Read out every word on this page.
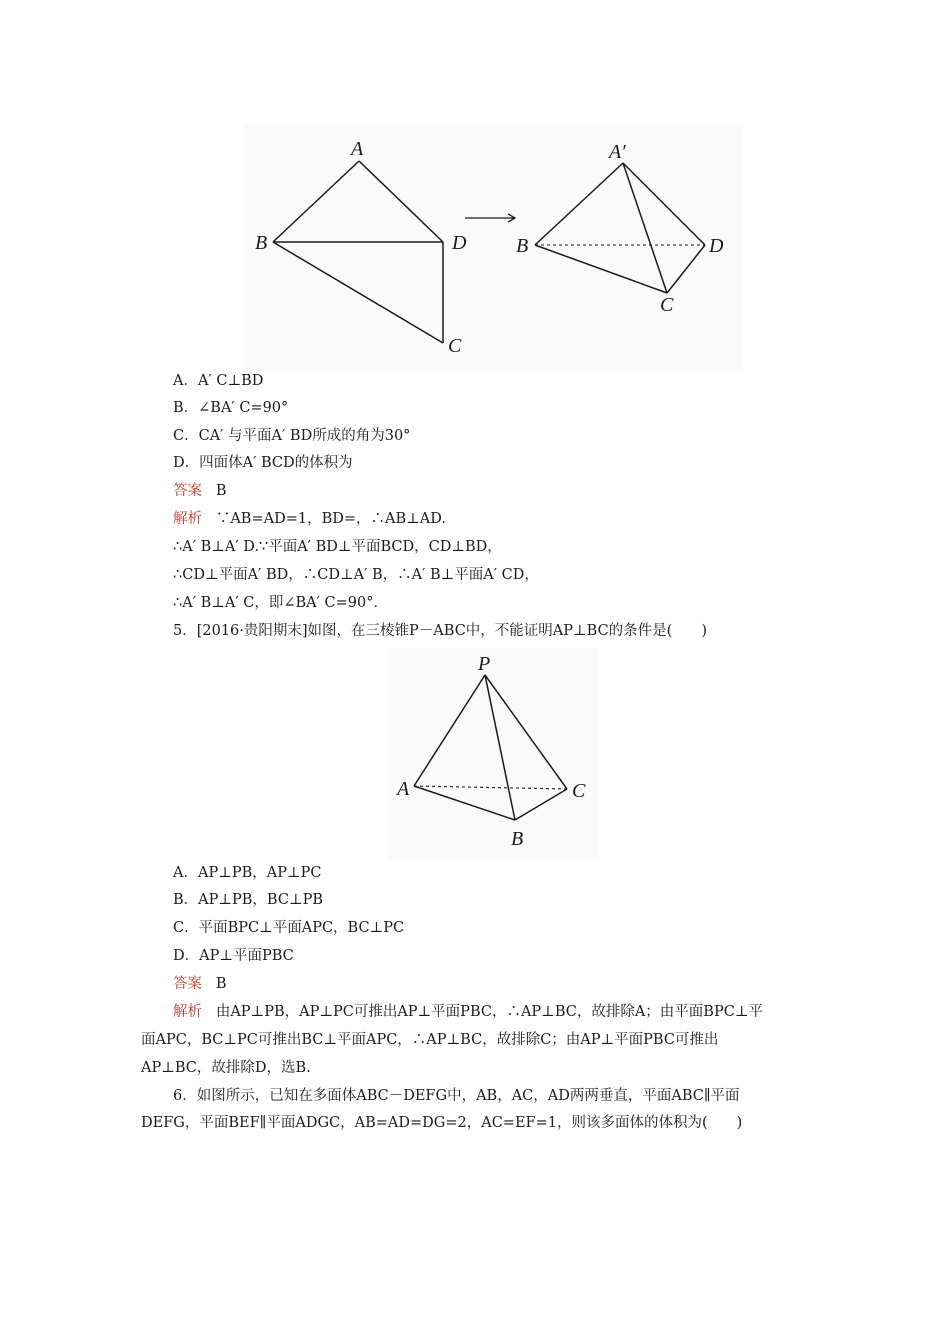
A
B	D
C
A′
B	D
C
A．A′ C⊥BD
B．∠BA′ C=90°
C．CA′ 与平面A′ BD所成的角为30°
D．四面体A′ BCD的体积为
答案 B
解析 ∵AB=AD=1，BD=，∴AB⊥AD.
∴A′ B⊥A′ D.∵平面A′ BD⊥平面BCD，CD⊥BD，
∴CD⊥平面A′ BD，∴CD⊥A′ B，∴A′ B⊥平面A′ CD，
∴A′ B⊥A′ C，即∠BA′ C=90°．
5．[2016·贵阳期末]如图，在三棱锥P－ABC中，不能证明AP⊥BC的条件是(　　)
P
A	C
B
A．AP⊥PB，AP⊥PC
B．AP⊥PB，BC⊥PB
C．平面BPC⊥平面APC，BC⊥PC
D．AP⊥平面PBC
答案 B
解析 由AP⊥PB，AP⊥PC可推出AP⊥平面PBC，∴AP⊥BC，故排除A；由平面BPC⊥平
面APC，BC⊥PC可推出BC⊥平面APC，∴AP⊥BC，故排除C；由AP⊥平面PBC可推出
AP⊥BC，故排除D，选B.
6．如图所示，已知在多面体ABC－DEFG中，AB，AC，AD两两垂直，平面ABC∥平面
DEFG，平面BEF∥平面ADGC，AB=AD=DG=2，AC=EF=1，则该多面体的体积为(　　)
